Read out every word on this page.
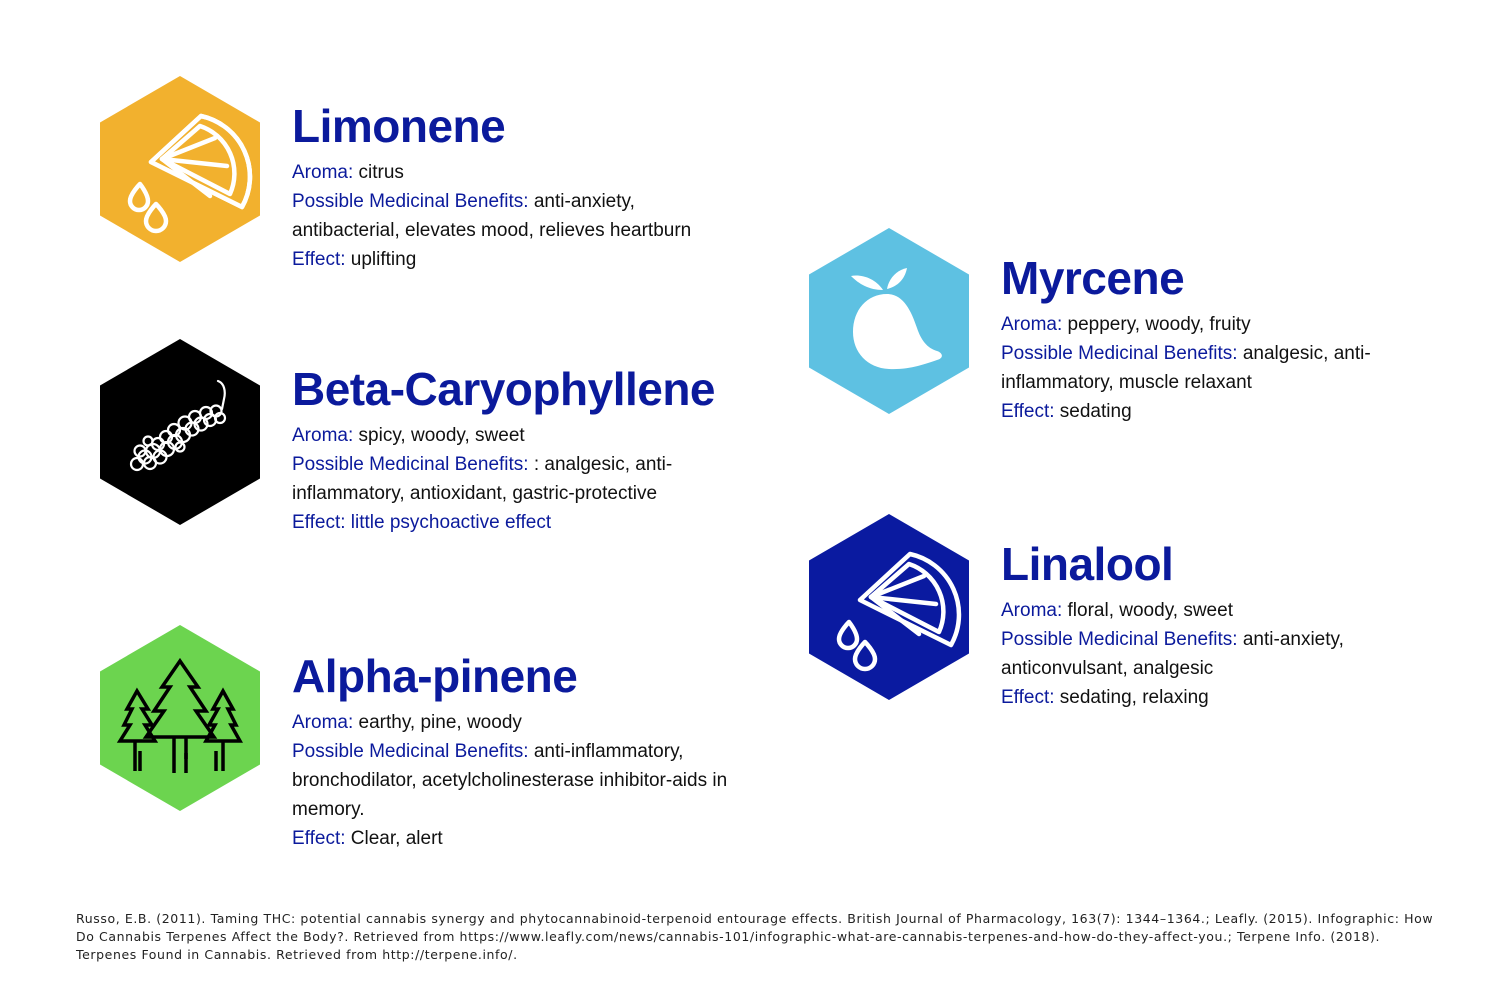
Limonene

Aroma: citrus

Possible Medicinal Benefits: anti-anxiety,

antibacterial, elevates mood, relieves heartburn

Effect: uplifting

Beta-Caryophyllene

Aroma: spicy, woody, sweet

Possible Medicinal Benefits: : analgesic, anti-

inflammatory, antioxidant, gastric-protective

Effect: little psychoactive effect

Alpha-pinene

Aroma: earthy, pine, woody

Possible Medicinal Benefits: anti-inflammatory,

bronchodilator, acetylcholinesterase inhibitor-aids in

memory.

Effect: Clear, alert

Myrcene

Aroma: peppery, woody, fruity

Possible Medicinal Benefits: analgesic, anti-

inflammatory, muscle relaxant

Effect: sedating

Linalool

Aroma: floral, woody, sweet

Possible Medicinal Benefits: anti-anxiety,

anticonvulsant, analgesic

Effect: sedating, relaxing

Russo, E.B. (2011). Taming THC: potential cannabis synergy and phytocannabinoid-terpenoid entourage effects. British Journal of Pharmacology, 163(7): 1344–1364.; Leafly. (2015). Infographic: How Do Cannabis Terpenes Affect the Body?. Retrieved from https://www.leafly.com/news/cannabis-101/infographic-what-are-cannabis-terpenes-and-how-do-they-affect-you.; Terpene Info. (2018). Terpenes Found in Cannabis. Retrieved from http://terpene.info/.
